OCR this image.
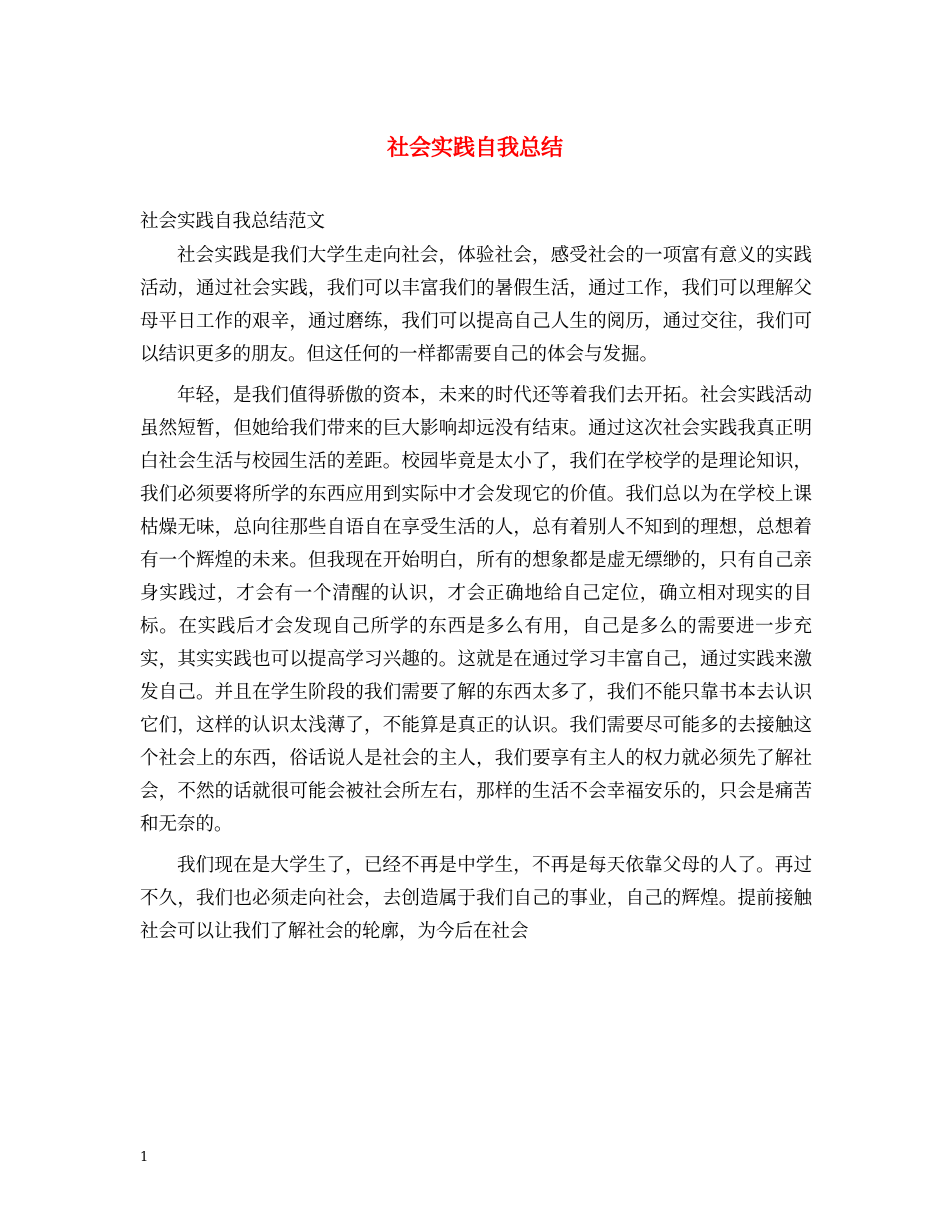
社会实践自我总结

社会实践自我总结范文

社会实践是我们大学生走向社会，体验社会，感受社会的一项富有意义的实践活动，通过社会实践，我们可以丰富我们的暑假生活，通过工作，我们可以理解父母平日工作的艰辛，通过磨练，我们可以提高自己人生的阅历，通过交往，我们可以结识更多的朋友。但这任何的一样都需要自己的体会与发掘。

年轻，是我们值得骄傲的资本，未来的时代还等着我们去开拓。社会实践活动虽然短暂，但她给我们带来的巨大影响却远没有结束。通过这次社会实践我真正明白社会生活与校园生活的差距。校园毕竟是太小了，我们在学校学的是理论知识，我们必须要将所学的东西应用到实际中才会发现它的价值。我们总以为在学校上课枯燥无味，总向往那些自语自在享受生活的人，总有着别人不知到的理想，总想着有一个辉煌的未来。但我现在开始明白，所有的想象都是虚无缥缈的，只有自己亲身实践过，才会有一个清醒的认识，才会正确地给自己定位，确立相对现实的目标。在实践后才会发现自己所学的东西是多么有用，自己是多么的需要进一步充实，其实实践也可以提高学习兴趣的。这就是在通过学习丰富自己，通过实践来激发自己。并且在学生阶段的我们需要了解的东西太多了，我们不能只靠书本去认识它们，这样的认识太浅薄了，不能算是真正的认识。我们需要尽可能多的去接触这个社会上的东西，俗话说人是社会的主人，我们要享有主人的权力就必须先了解社会，不然的话就很可能会被社会所左右，那样的生活不会幸福安乐的，只会是痛苦和无奈的。

我们现在是大学生了，已经不再是中学生，不再是每天依靠父母的人了。再过不久，我们也必须走向社会，去创造属于我们自己的事业，自己的辉煌。提前接触社会可以让我们了解社会的轮廓，为今后在社会

1
